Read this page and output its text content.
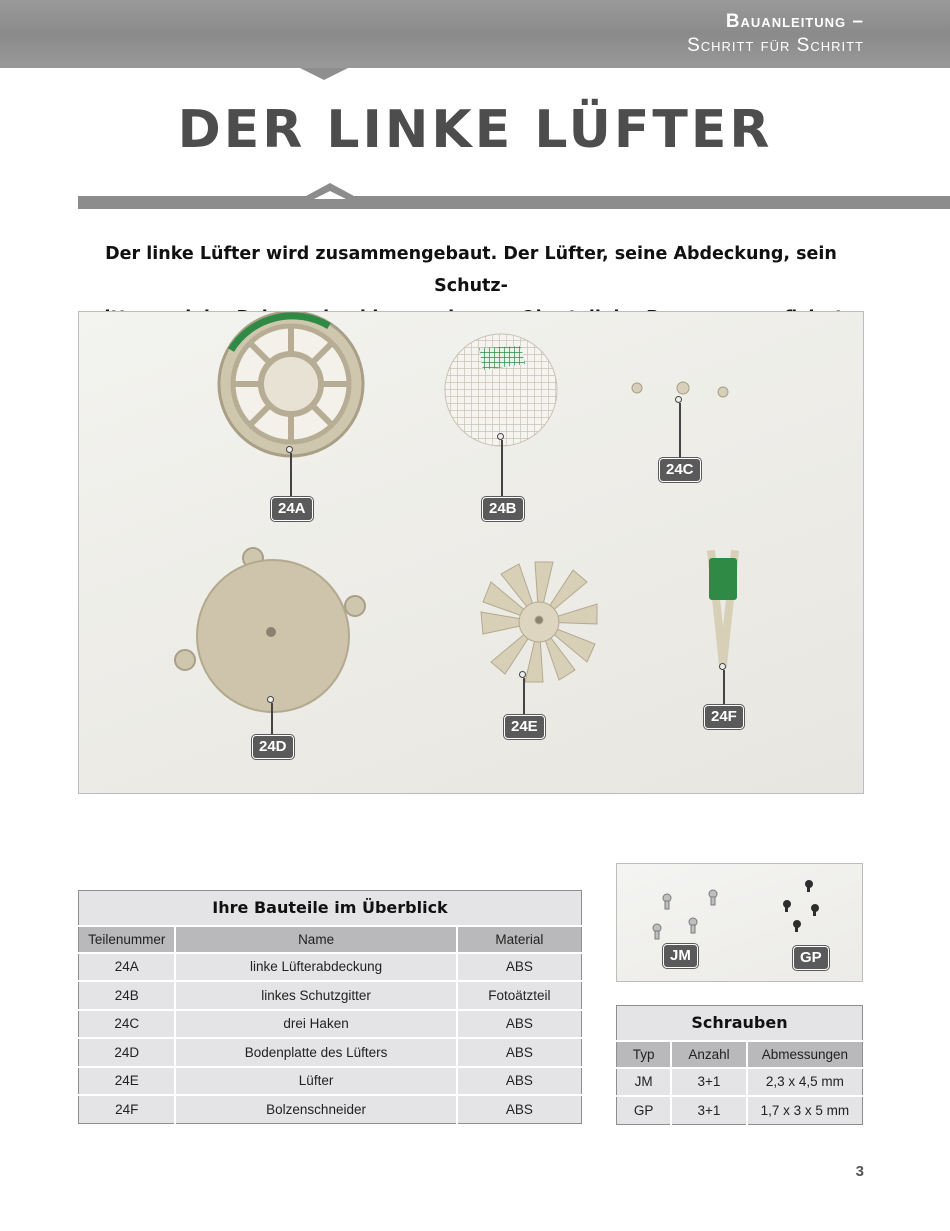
Bauanleitung –
Schritt für Schritt
DER LINKE LÜFTER
Der linke Lüfter wird zusammengebaut. Der Lüfter, seine Abdeckung, sein Schutz-
24A	24B
24C
24D
24E
24F
Ihre Bauteile im Überblick		
Teilenummer	Name	Material
24A	linke Lüfterabdeckung	ABS
24B	linkes Schutzgitter	Fotoätzteil
24C	drei Haken	ABS
24D	Bodenplatte des Lüfters	ABS
24E	Lüfter	ABS
24F	Bolzenschneider	ABS
JM	GP
Schrauben		
Typ	Anzahl	Abmessungen
JM	3+1	2,3 x 4,5 mm
GP	3+1	1,7 x 3 x 5 mm
3
